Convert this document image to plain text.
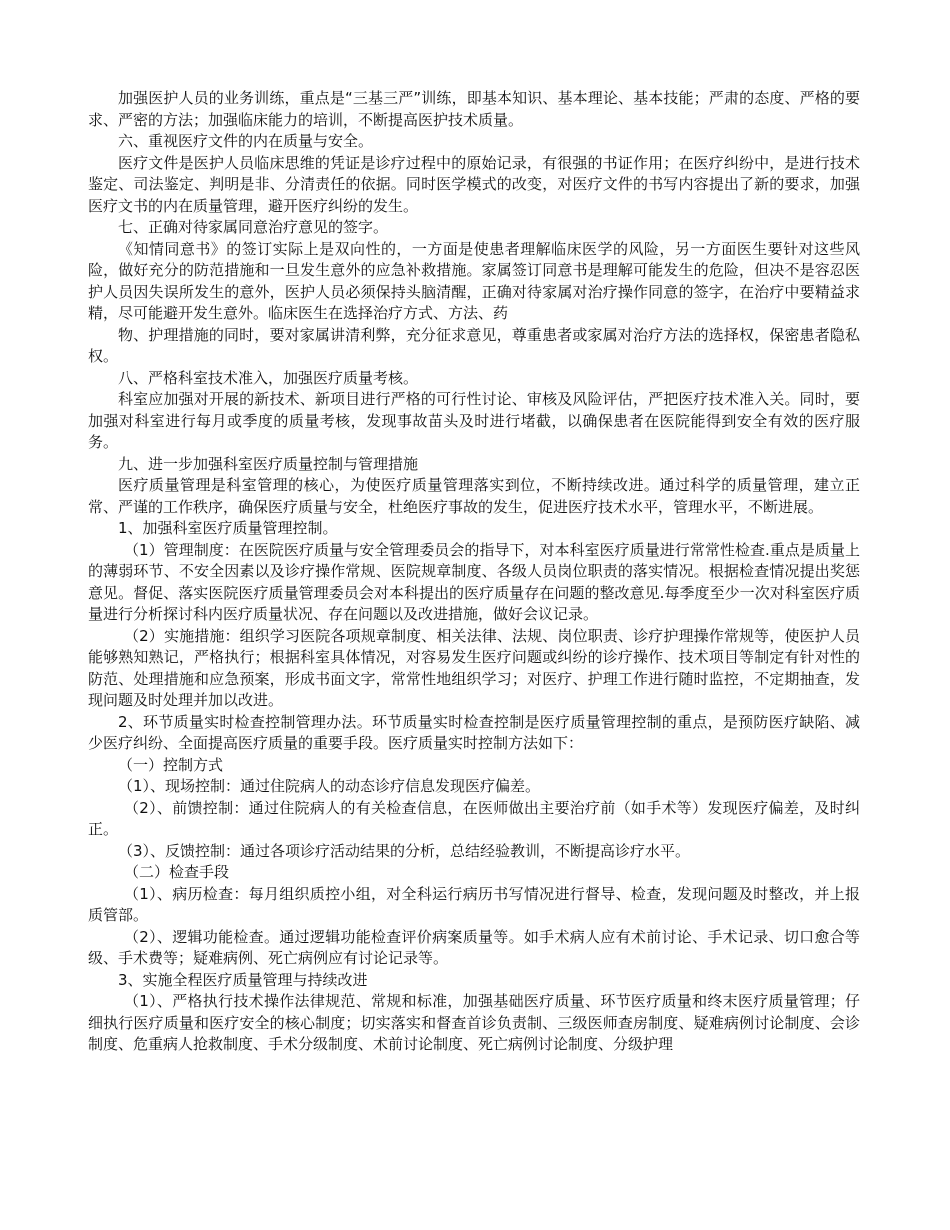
加强医护人员的业务训练，重点是“三基三严”训练，即基本知识、基本理论、基本技能；严肃的态度、严格的要求、严密的方法；加强临床能力的培训，不断提高医护技术质量。

六、重视医疗文件的内在质量与安全。

医疗文件是医护人员临床思维的凭证是诊疗过程中的原始记录，有很强的书证作用；在医疗纠纷中，是进行技术鉴定、司法鉴定、判明是非、分清责任的依据。同时医学模式的改变，对医疗文件的书写内容提出了新的要求，加强医疗文书的内在质量管理，避开医疗纠纷的发生。

七、正确对待家属同意治疗意见的签字。

《知情同意书》的签订实际上是双向性的，一方面是使患者理解临床医学的风险，另一方面医生要针对这些风险，做好充分的防范措施和一旦发生意外的应急补救措施。家属签订同意书是理解可能发生的危险，但决不是容忍医护人员因失误所发生的意外，医护人员必须保持头脑清醒，正确对待家属对治疗操作同意的签字，在治疗中要精益求精，尽可能避开发生意外。临床医生在选择治疗方式、方法、药

物、护理措施的同时，要对家属讲清利弊，充分征求意见，尊重患者或家属对治疗方法的选择权，保密患者隐私权。

八、严格科室技术准入，加强医疗质量考核。

科室应加强对开展的新技术、新项目进行严格的可行性讨论、审核及风险评估，严把医疗技术准入关。同时，要加强对科室进行每月或季度的质量考核，发现事故苗头及时进行堵截，以确保患者在医院能得到安全有效的医疗服务。

九、进一步加强科室医疗质量控制与管理措施

医疗质量管理是科室管理的核心，为使医疗质量管理落实到位，不断持续改进。通过科学的质量管理，建立正常、严谨的工作秩序，确保医疗质量与安全，杜绝医疗事故的发生，促进医疗技术水平，管理水平，不断进展。

1、加强科室医疗质量管理控制。

（1）管理制度：在医院医疗质量与安全管理委员会的指导下，对本科室医疗质量进行常常性检查.重点是质量上的薄弱环节、不安全因素以及诊疗操作常规、医院规章制度、各级人员岗位职责的落实情况。根据检查情况提出奖惩意见。督促、落实医院医疗质量管理委员会对本科提出的医疗质量存在问题的整改意见.每季度至少一次对科室医疗质量进行分析探讨科内医疗质量状况、存在问题以及改进措施，做好会议记录。

（2）实施措施：组织学习医院各项规章制度、相关法律、法规、岗位职责、诊疗护理操作常规等，使医护人员能够熟知熟记，严格执行；根据科室具体情况，对容易发生医疗问题或纠纷的诊疗操作、技术项目等制定有针对性的防范、处理措施和应急预案，形成书面文字，常常性地组织学习；对医疗、护理工作进行随时监控，不定期抽查，发现问题及时处理并加以改进。

2、环节质量实时检查控制管理办法。环节质量实时检查控制是医疗质量管理控制的重点，是预防医疗缺陷、减少医疗纠纷、全面提高医疗质量的重要手段。医疗质量实时控制方法如下：

（一）控制方式

（1）、现场控制：通过住院病人的动态诊疗信息发现医疗偏差。

（2）、前馈控制：通过住院病人的有关检查信息，在医师做出主要治疗前（如手术等）发现医疗偏差，及时纠正。

（3）、反馈控制：通过各项诊疗活动结果的分析，总结经验教训，不断提高诊疗水平。

（二）检查手段

（1）、病历检查：每月组织质控小组，对全科运行病历书写情况进行督导、检查，发现问题及时整改，并上报质管部。

（2）、逻辑功能检查。通过逻辑功能检查评价病案质量等。如手术病人应有术前讨论、手术记录、切口愈合等级、手术费等；疑难病例、死亡病例应有讨论记录等。

3、实施全程医疗质量管理与持续改进

（1）、严格执行技术操作法律规范、常规和标准，加强基础医疗质量、环节医疗质量和终末医疗质量管理；仔细执行医疗质量和医疗安全的核心制度；切实落实和督查首诊负责制、三级医师查房制度、疑难病例讨论制度、会诊制度、危重病人抢救制度、手术分级制度、术前讨论制度、死亡病例讨论制度、分级护理
